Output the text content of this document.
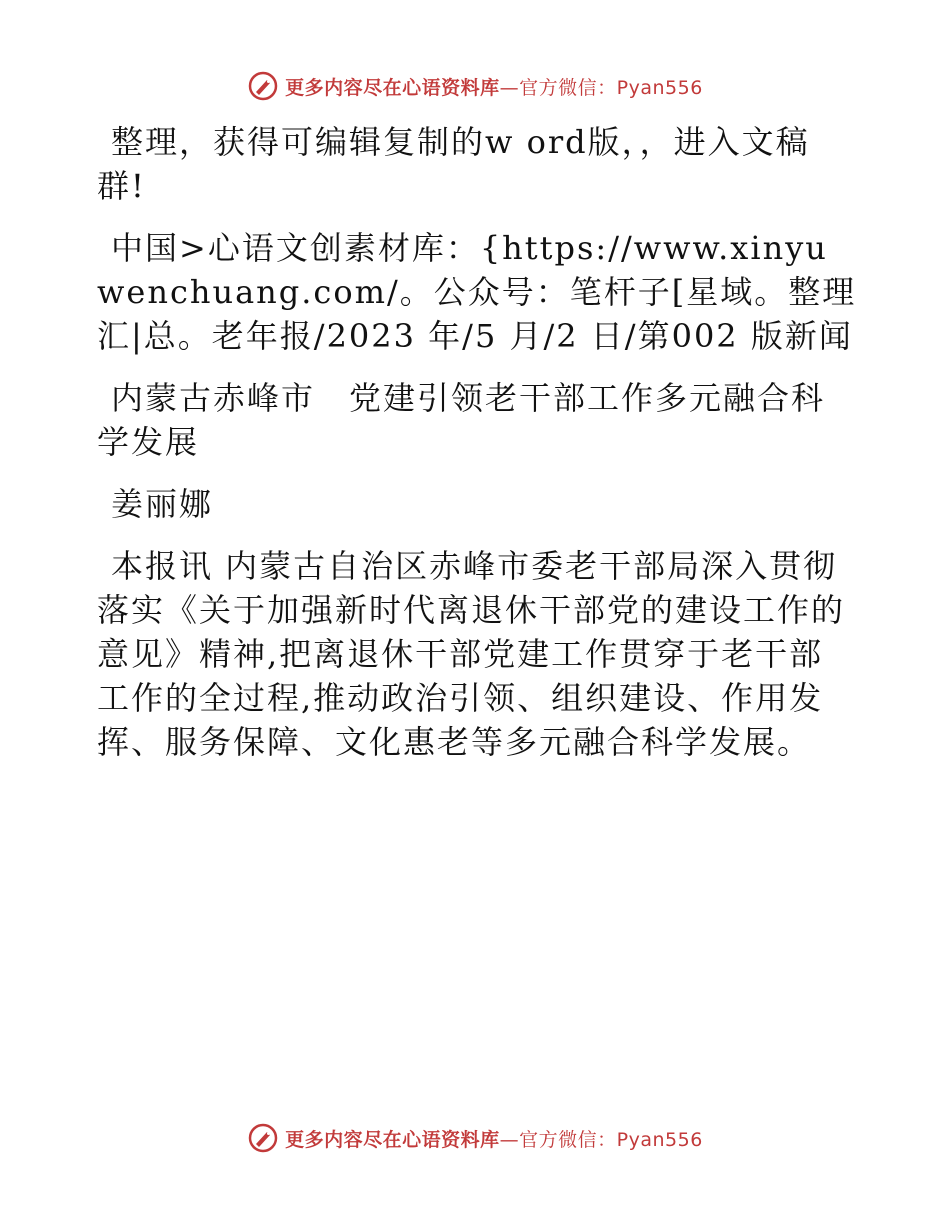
更多内容尽在心语资料库—官方微信：Pyan556

整理，获得可编辑复制的w ord版，，进入文稿群!

中国>心语文创素材库：{https://www.xinyuwenchuang.com/。公众号：笔杆子[星域。整理汇|总。老年报/2023 年/5 月/2 日/第002 版新闻

内蒙古赤峰市　党建引领老干部工作多元融合科学发展

姜丽娜

本报讯 内蒙古自治区赤峰市委老干部局深入贯彻落实《关于加强新时代离退休干部党的建设工作的意见》精神,把离退休干部党建工作贯穿于老干部工作的全过程,推动政治引领、组织建设、作用发挥、服务保障、文化惠老等多元融合科学发展。

更多内容尽在心语资料库—官方微信：Pyan556
